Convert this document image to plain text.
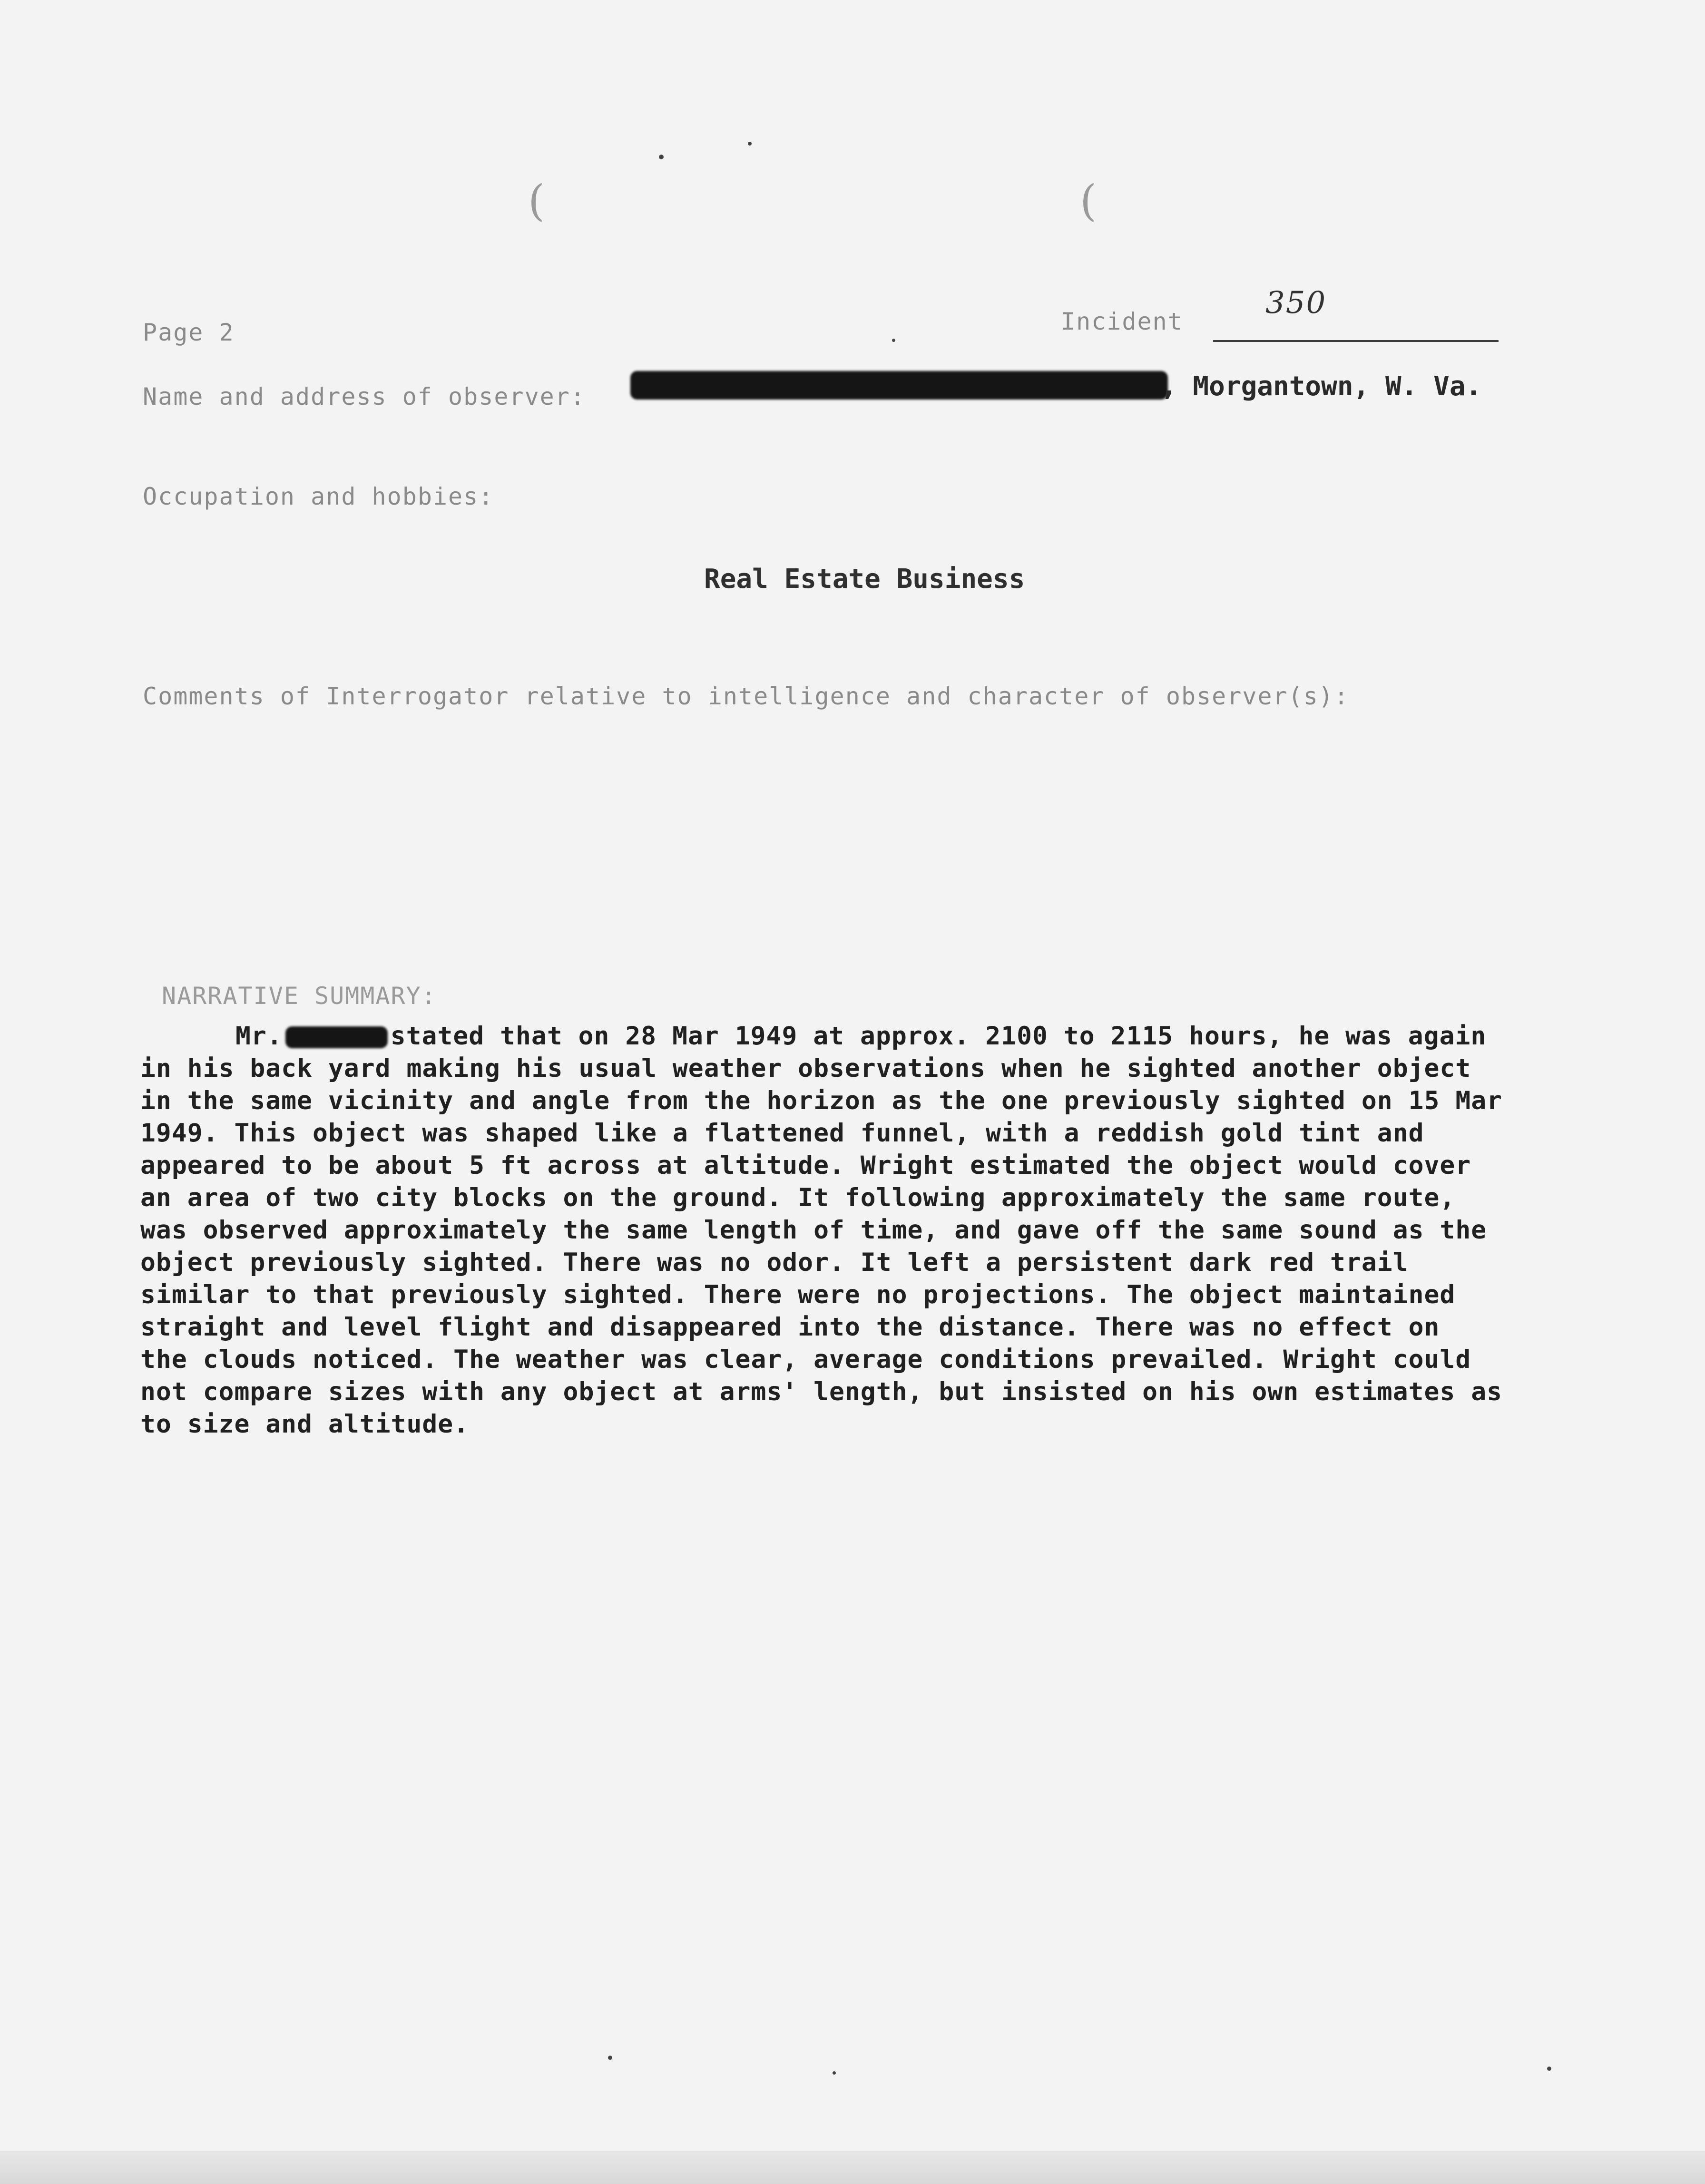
(	(
Page 2	Incident
350
Name and address of observer:	, Morgantown, W. Va.
Occupation and hobbies:
Real Estate Business
Comments of Interrogator relative to intelligence and character of observer(s):
NARRATIVE SUMMARY:
Mr.	stated that on 28 Mar 1949 at approx. 2100 to 2115 hours, he was again
in his back yard making his usual weather observations when he sighted another object
in the same vicinity and angle from the horizon as the one previously sighted on 15 Mar
1949. This object was shaped like a flattened funnel, with a reddish gold tint and
appeared to be about 5 ft across at altitude. Wright estimated the object would cover
an area of two city blocks on the ground. It following approximately the same route,
was observed approximately the same length of time, and gave off the same sound as the
object previously sighted. There was no odor. It left a persistent dark red trail
similar to that previously sighted. There were no projections. The object maintained
straight and level flight and disappeared into the distance. There was no effect on
the clouds noticed. The weather was clear, average conditions prevailed. Wright could
not compare sizes with any object at arms' length, but insisted on his own estimates as
to size and altitude.
